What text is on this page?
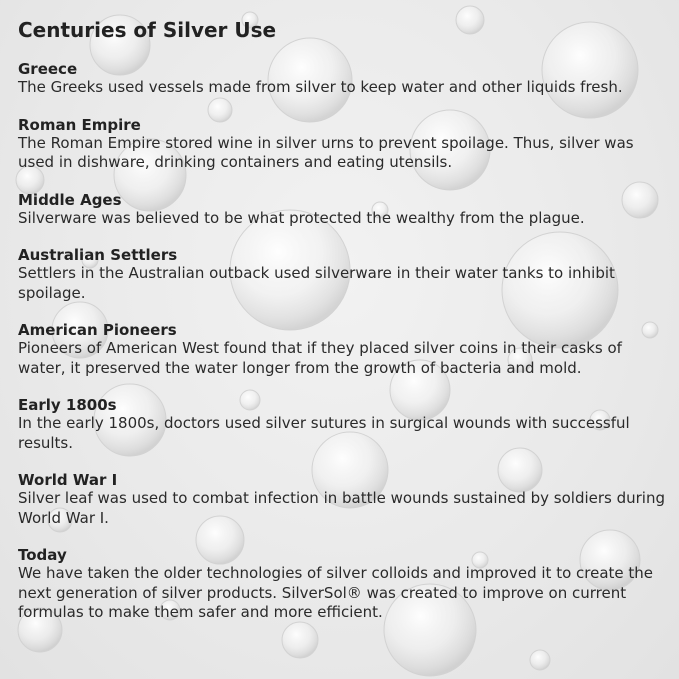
Centuries of Silver Use
Greece
The Greeks used vessels made from silver to keep water and other liquids fresh.
Roman Empire
The Roman Empire stored wine in silver urns to prevent spoilage. Thus, silver was used in dishware, drinking containers and eating utensils.
Middle Ages
Silverware was believed to be what protected the wealthy from the plague.
Australian Settlers
Settlers in the Australian outback used silverware in their water tanks to inhibit spoilage.
American Pioneers
Pioneers of American West found that if they placed silver coins in their casks of water, it preserved the water longer from the growth of bacteria and mold.
Early 1800s
In the early 1800s, doctors used silver sutures in surgical wounds with successful results.
World War I
Silver leaf was used to combat infection in battle wounds sustained by soldiers during World War I.
Today
We have taken the older technologies of silver colloids and improved it to create the next generation of silver products. SilverSol® was created to improve on current formulas to make them safer and more efficient.
